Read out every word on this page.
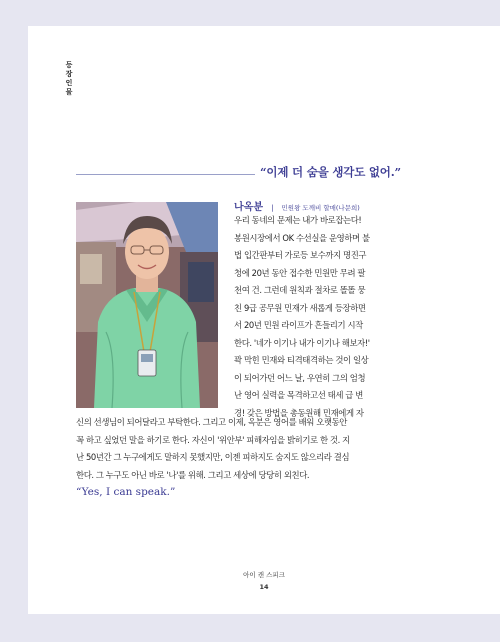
등
장
인
물
“이제 더 숨을 생각도 없어.”
나옥분 | 민원왕 도깨비 할매(나문희)
우리 동네의 문제는 내가 바로잡는다!
봉원시장에서 OK 수선실을 운영하며 불
법 입간판부터 가로등 보수까지 명진구
청에 20년 동안 접수한 민원만 무려 팔
천여 건. 그런데 원칙과 절차로 똘똘 뭉
친 9급 공무원 민재가 새롭게 등장하면
서 20년 민원 라이프가 흔들리기 시작
한다. '네가 이기나 내가 이기나 해보자!'
꽉 막힌 민재와 티격태격하는 것이 일상
이 되어가던 어느 날, 우연히 그의 엄청
난 영어 실력을 목격하고선 태세 급 변
경! 갖은 방법을 총동원해 민재에게 자
신의 선생님이 되어달라고 부탁한다. 그리고 이제, 옥분은 영어를 배워 오랫동안
꼭 하고 싶었던 말을 하기로 한다. 자신이 '위안부' 피해자임을 밝히기로 한 것. 지
난 50년간 그 누구에게도 말하지 못했지만, 이젠 피하지도 숨지도 않으리라 결심
한다. 그 누구도 아닌 바로 '나'를 위해. 그리고 세상에 당당히 외친다.
“Yes, I can speak.”
아이 캔 스피크
14
